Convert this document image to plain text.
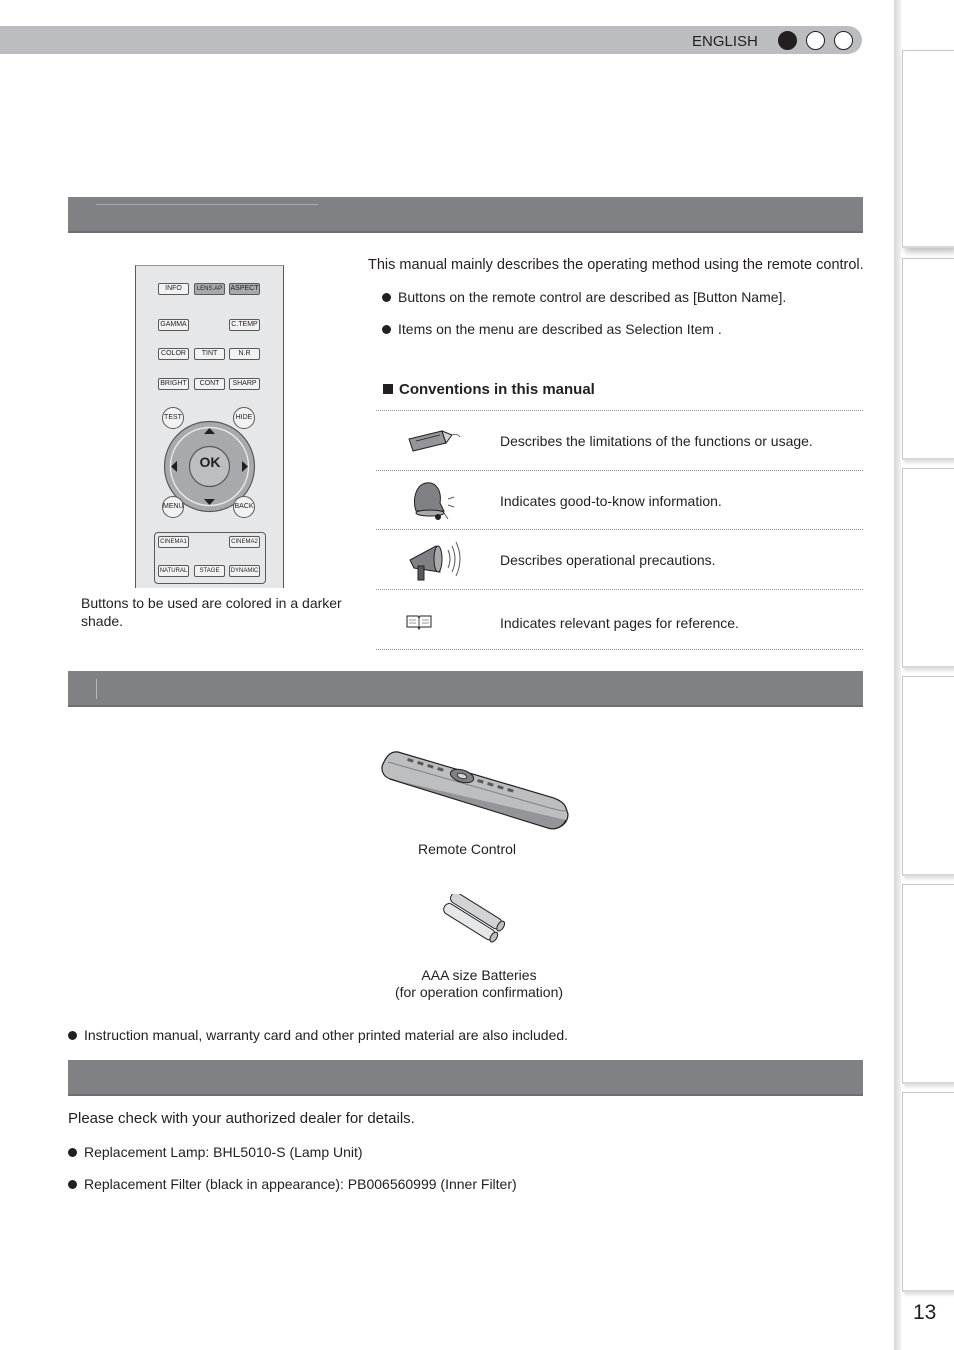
ENGLISH
INFO	LENS.AP	ASPECT
GAMMA	C.TEMP
COLOR	TINT	N.R
BRIGHT	CONT	SHARP
TEST	HIDE
OK
MENU	BACK
CINEMA1	CINEMA2
NATURAL	STAGE	DYNAMIC
Buttons to be used are colored in a darker shade.
This manual mainly describes the operating method using the remote control.
Buttons on the remote control are described as [Button Name].
Items on the menu are described as Selection Item .
Conventions in this manual
Describes the limitations of the functions or usage.
Indicates good-to-know information.
Describes operational precautions.
Indicates relevant pages for reference.
Remote Control
AAA size Batteries
(for operation confirmation)
Instruction manual, warranty card and other printed material are also included.
Please check with your authorized dealer for details.
Replacement Lamp: BHL5010-S (Lamp Unit)
Replacement Filter (black in appearance): PB006560999 (Inner Filter)
13
